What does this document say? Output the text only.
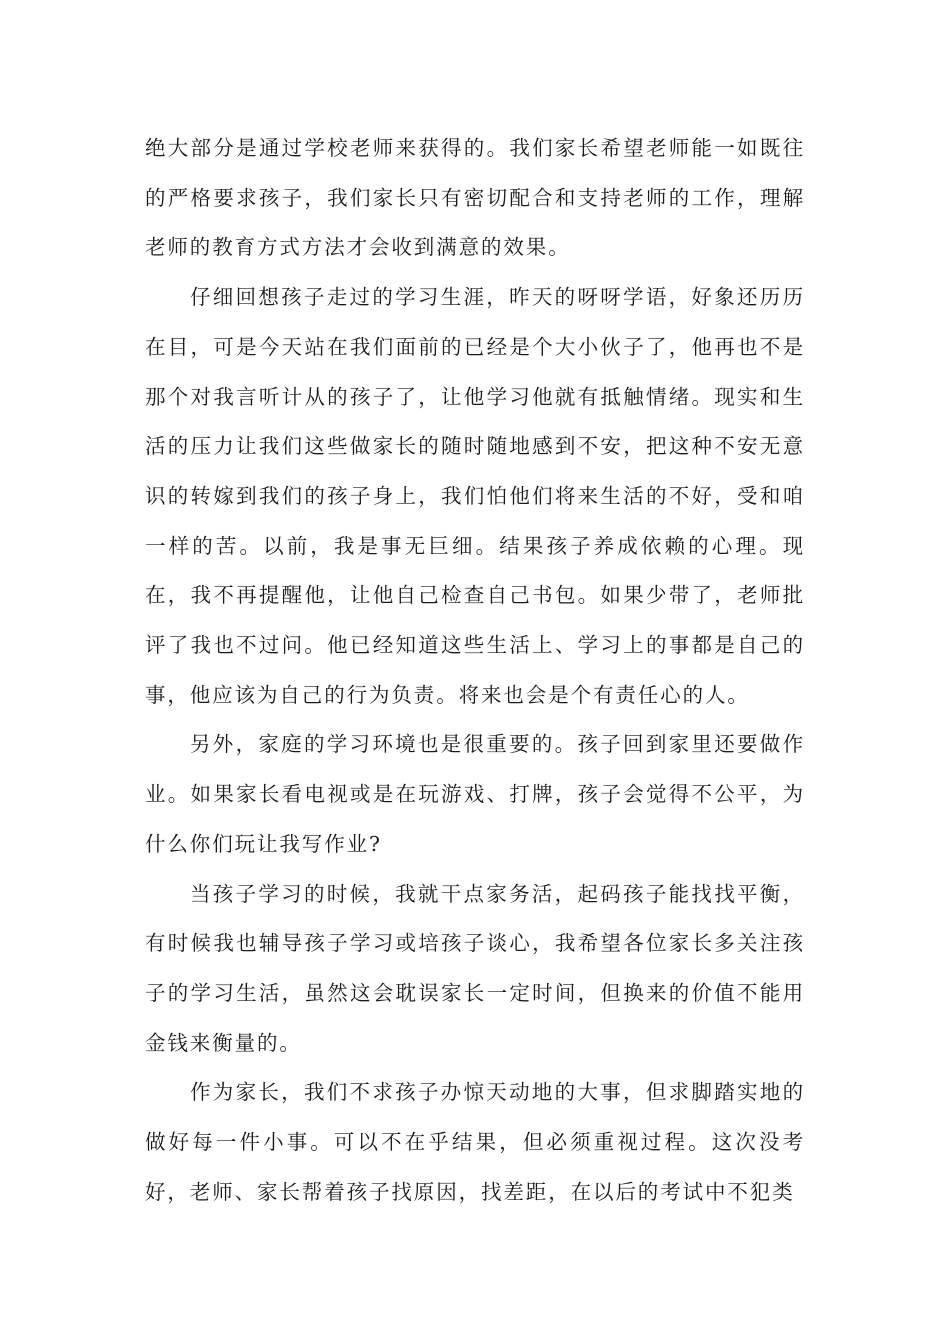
绝大部分是通过学校老师来获得的。我们家长希望老师能一如既往的严格要求孩子，我们家长只有密切配合和支持老师的工作，理解老师的教育方式方法才会收到满意的效果。

仔细回想孩子走过的学习生涯，昨天的呀呀学语，好象还历历在目，可是今天站在我们面前的已经是个大小伙子了，他再也不是那个对我言听计从的孩子了，让他学习他就有抵触情绪。现实和生活的压力让我们这些做家长的随时随地感到不安，把这种不安无意识的转嫁到我们的孩子身上，我们怕他们将来生活的不好，受和咱一样的苦。以前，我是事无巨细。结果孩子养成依赖的心理。现在，我不再提醒他，让他自己检查自己书包。如果少带了，老师批评了我也不过问。他已经知道这些生活上、学习上的事都是自己的事，他应该为自己的行为负责。将来也会是个有责任心的人。

另外，家庭的学习环境也是很重要的。孩子回到家里还要做作业。如果家长看电视或是在玩游戏、打牌，孩子会觉得不公平，为什么你们玩让我写作业?

当孩子学习的时候，我就干点家务活，起码孩子能找找平衡，有时候我也辅导孩子学习或培孩子谈心，我希望各位家长多关注孩子的学习生活，虽然这会耽误家长一定时间，但换来的价值不能用金钱来衡量的。

作为家长，我们不求孩子办惊天动地的大事，但求脚踏实地的做好每一件小事。可以不在乎结果，但必须重视过程。这次没考好，老师、家长帮着孩子找原因，找差距，在以后的考试中不犯类
